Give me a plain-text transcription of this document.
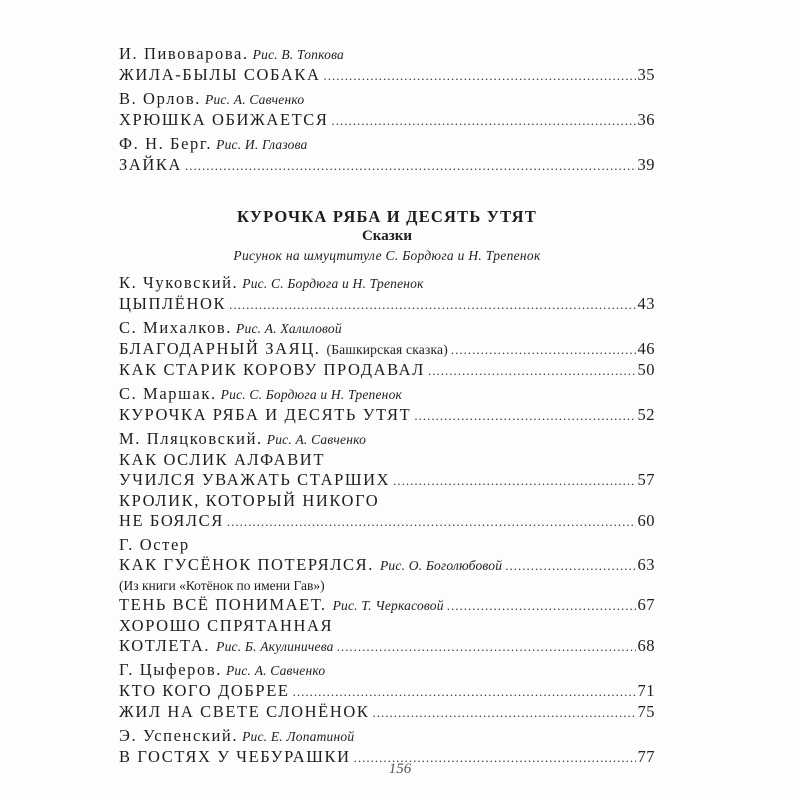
И. Пивоварова. Рис. В. Топкова
ЖИЛА-БЫЛЫ СОБАКА .....	35
В. Орлов. Рис. А. Савченко
ХРЮШКА ОБИЖАЕТСЯ .....	36
Ф. Н. Берг. Рис. И. Глазова
ЗАЙКА .....	39
КУРОЧКА РЯБА И ДЕСЯТЬ УТЯТ
Сказки
Рисунок на шмуцтитуле С. Бордюга и Н. Трепенок
К. Чуковский. Рис. С. Бордюга и Н. Трепенок
ЦЫПЛЁНОК .....	43
С. Михалков. Рис. А. Халиловой
БЛАГОДАРНЫЙ ЗАЯЦ. (Башкирская сказка) .....	46
КАК СТАРИК КОРОВУ ПРОДАВАЛ .....	50
С. Маршак. Рис. С. Бордюга и Н. Трепенок
КУРОЧКА РЯБА И ДЕСЯТЬ УТЯТ .....	52
М. Пляцковский. Рис. А. Савченко
КАК ОСЛИК АЛФАВИТ
УЧИЛСЯ УВАЖАТЬ СТАРШИХ .....	57
КРОЛИК, КОТОРЫЙ НИКОГО
НЕ БОЯЛСЯ .....	60
Г. Остер
КАК ГУСЁНОК ПОТЕРЯЛСЯ. Рис. О. Боголюбовой .....	63
(Из книги «Котёнок по имени Гав»)
ТЕНЬ ВСЁ ПОНИМАЕТ. Рис. Т. Черкасовой .....	67
ХОРОШО СПРЯТАННАЯ
КОТЛЕТА. Рис. Б. Акулиничева .....	68
Г. Цыферов. Рис. А. Савченко
КТО КОГО ДОБРЕЕ .....	71
ЖИЛ НА СВЕТЕ СЛОНЁНОК .....	75
Э. Успенский. Рис. Е. Лопатиной
В ГОСТЯХ У ЧЕБУРАШКИ .....	77
156
